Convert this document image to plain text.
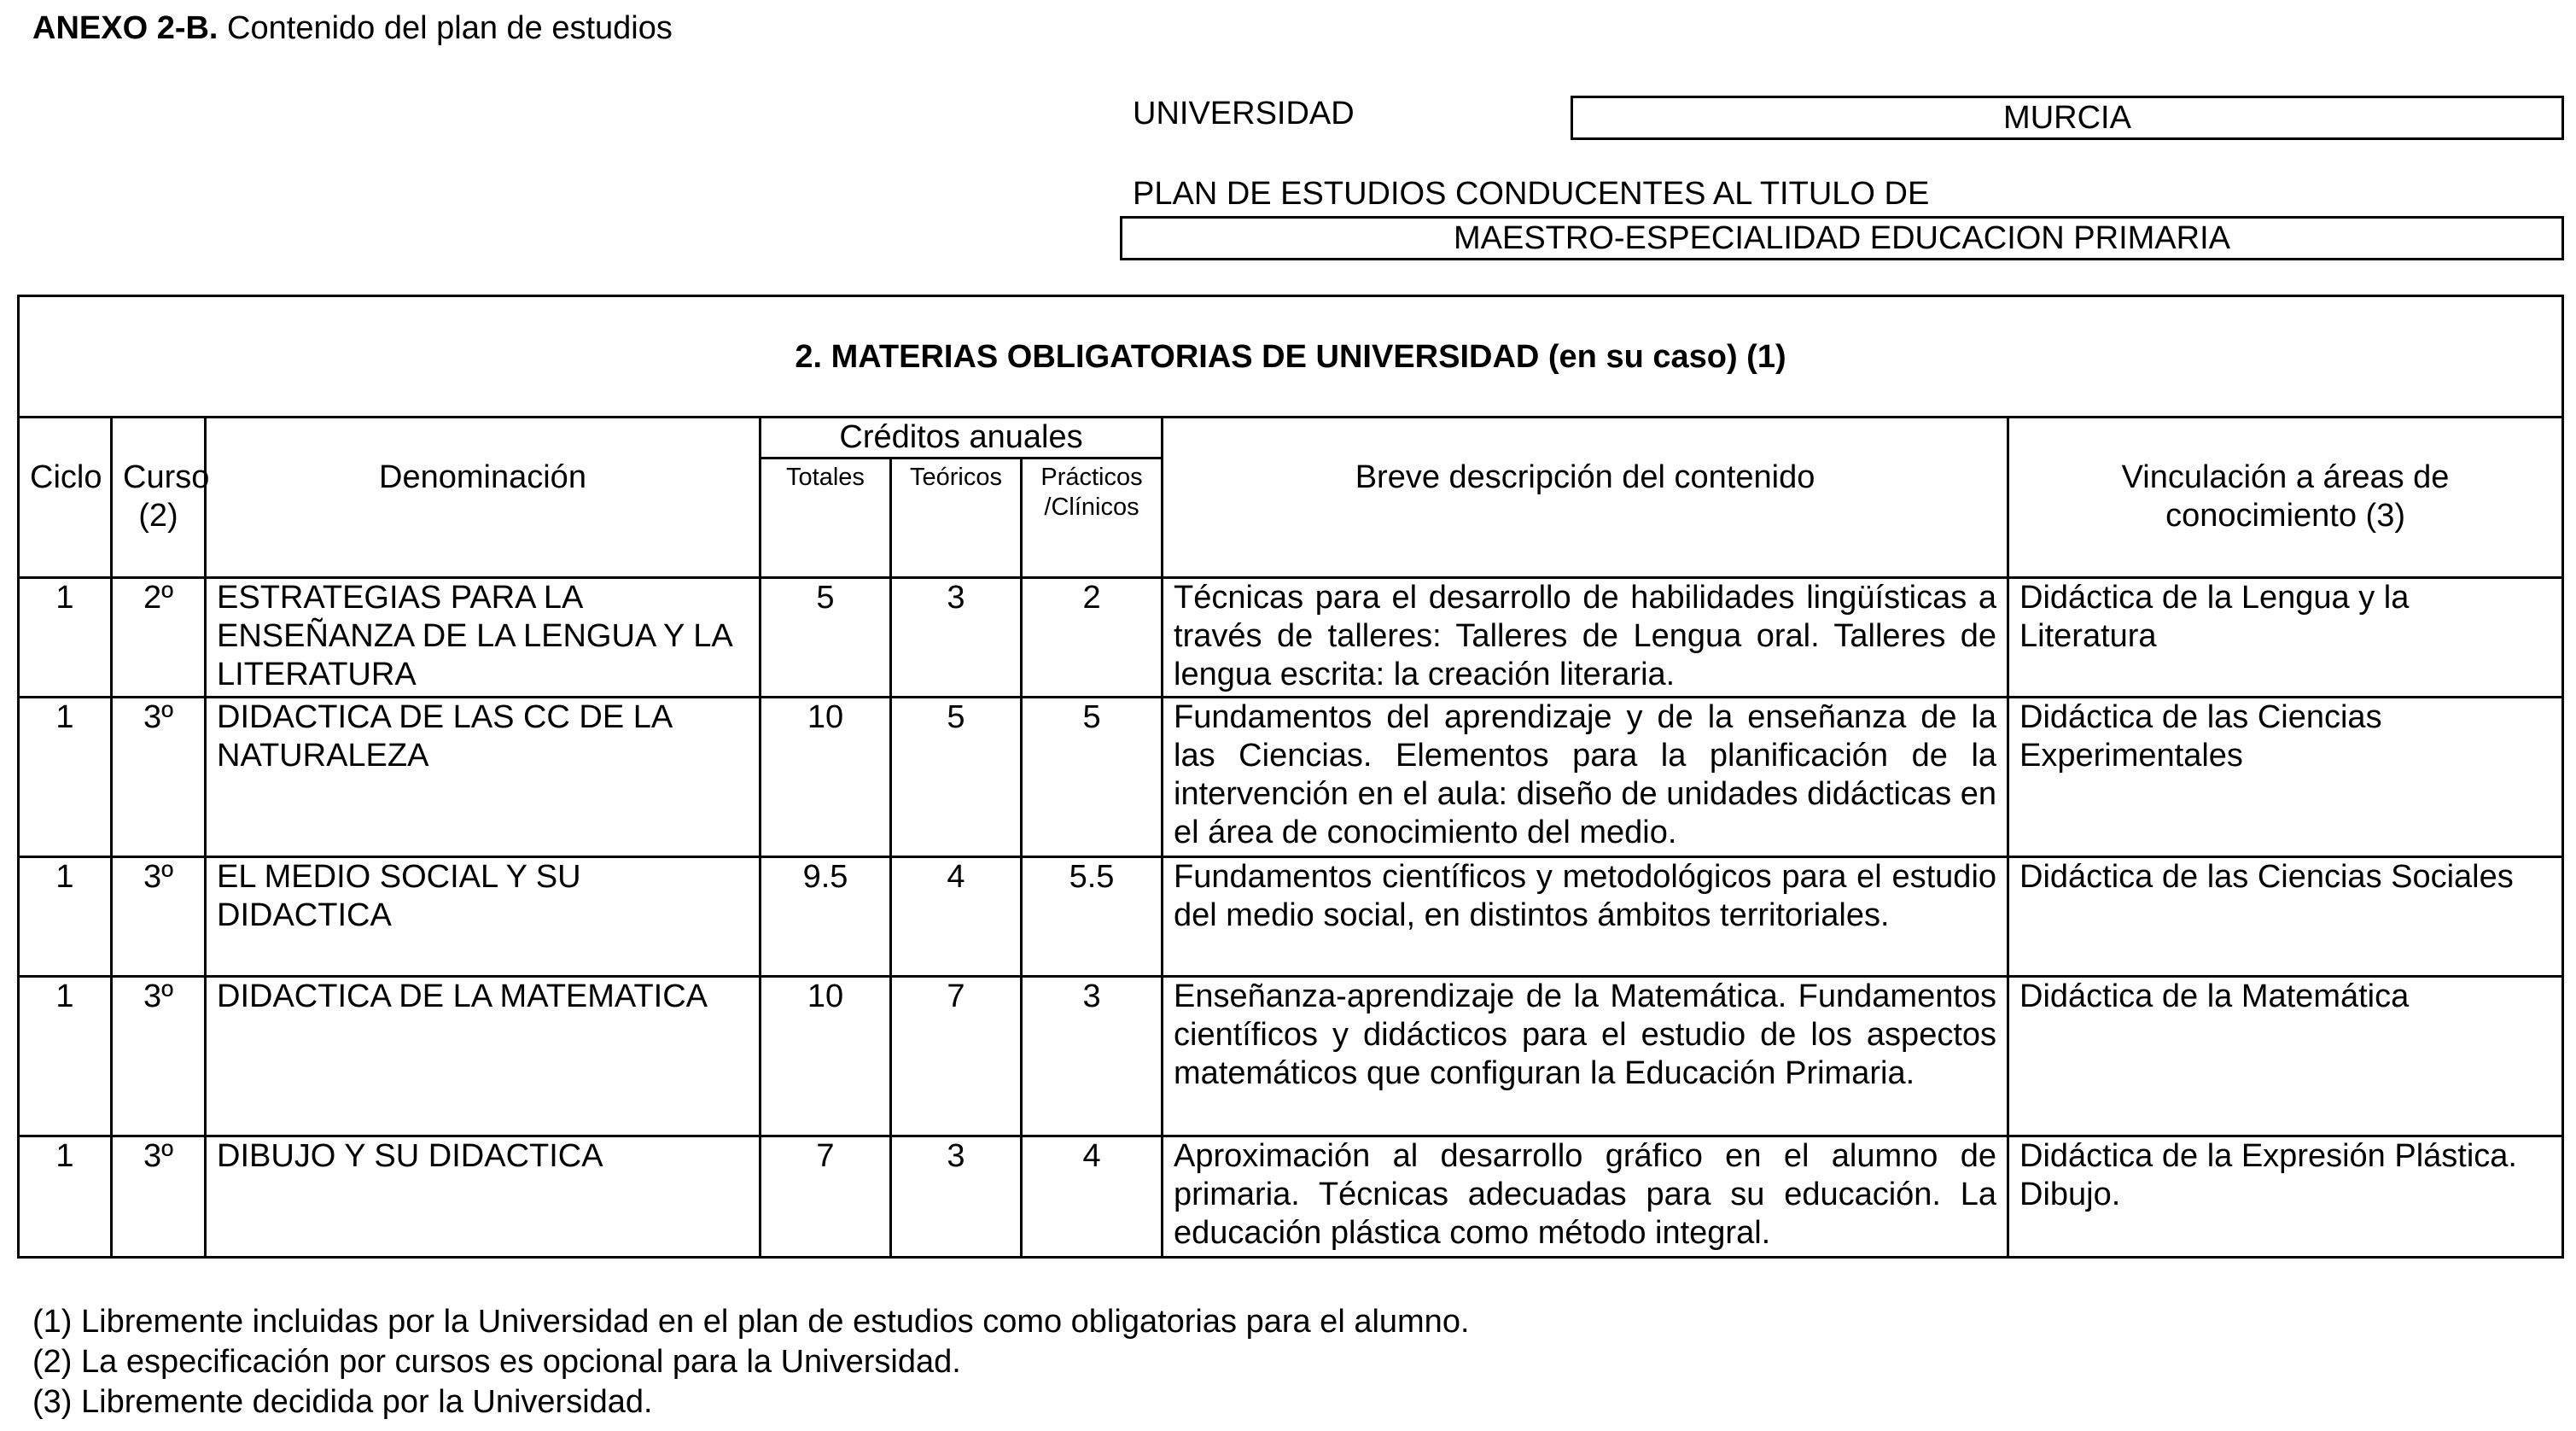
ANEXO 2-B. Contenido del plan de estudios
UNIVERSIDAD	MURCIA
PLAN DE ESTUDIOS CONDUCENTES AL TITULO DE
MAESTRO-ESPECIALIDAD EDUCACION PRIMARIA
2. MATERIAS OBLIGATORIAS DE UNIVERSIDAD (en su caso) (1)
			Créditos anuales				
Ciclo	Curso (2)	Denominación	Totales	Teóricos	Prácticos /Clínicos	Breve descripción del contenido	Vinculación a áreas de conocimiento (3)
1	2º	ESTRATEGIAS PARA LA ENSEÑANZA DE LA LENGUA Y LA LITERATURA	5	3	2	Técnicas para el desarrollo de habilidades lingüísticas a través de talleres: Talleres de Lengua oral. Talleres de lengua escrita: la creación literaria.	Didáctica de la Lengua y la Literatura
1	3º	DIDACTICA DE LAS CC DE LA NATURALEZA	10	5	5	Fundamentos del aprendizaje y de la enseñanza de la las Ciencias. Elementos para la planificación de la intervención en el aula: diseño de unidades didácticas en el área de conocimiento del medio.	Didáctica de las Ciencias Experimentales
1	3º	EL MEDIO SOCIAL Y SU DIDACTICA	9.5	4	5.5	Fundamentos científicos y metodológicos para el estudio del medio social, en distintos ámbitos territoriales.	Didáctica de las Ciencias Sociales
1	3º	DIDACTICA DE LA MATEMATICA	10	7	3	Enseñanza-aprendizaje de la Matemática. Fundamentos científicos y didácticos para el estudio de los aspectos matemáticos que configuran la Educación Primaria.	Didáctica de la Matemática
1	3º	DIBUJO Y SU DIDACTICA	7	3	4	Aproximación al desarrollo gráfico en el alumno de primaria. Técnicas adecuadas para su educación. La educación plástica como método integral.	Didáctica de la Expresión Plástica. Dibujo.
(1) Libremente incluidas por la Universidad en el plan de estudios como obligatorias para el alumno.
(2) La especificación por cursos es opcional para la Universidad.
(3) Libremente decidida por la Universidad.
